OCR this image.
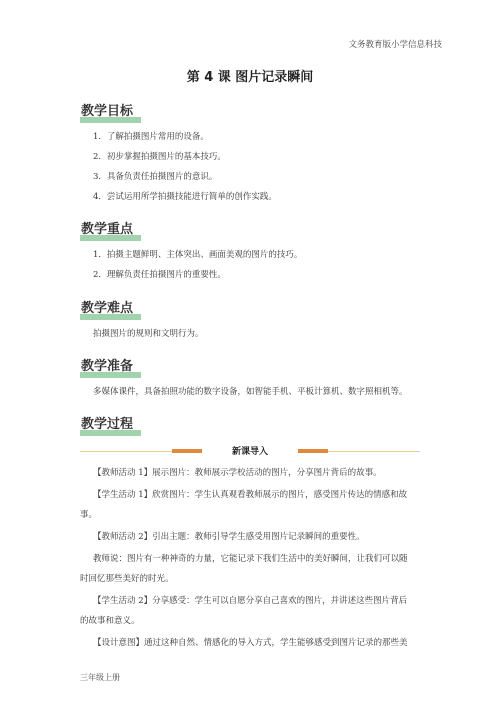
文务教育版小学信息科技
第 4 课 图片记录瞬间
教学目标
1．了解拍摄图片常用的设备。
2．初步掌握拍摄图片的基本技巧。
3．具备负责任拍摄图片的意识。
4．尝试运用所学拍摄技能进行简单的创作实践。
教学重点
1．拍摄主题鲜明、主体突出、画面美观的图片的技巧。
2．理解负责任拍摄图片的重要性。
教学难点
拍摄图片的规则和文明行为。
教学准备
多媒体课件，具备拍照功能的数字设备，如智能手机、平板计算机、数字照相机等。
教学过程
新课导入
【教师活动 1】展示图片：教师展示学校活动的图片，分享图片背后的故事。
【学生活动 1】欣赏图片：学生认真观看教师展示的图片，感受图片传达的情感和故
事。
【教师活动 2】引出主题：教师引导学生感受用图片记录瞬间的重要性。
教师说：图片有一种神奇的力量，它能记录下我们生活中的美好瞬间，让我们可以随
时回忆那些美好的时光。
【学生活动 2】分享感受：学生可以自愿分享自己喜欢的图片，并讲述这些图片背后
的故事和意义。
【设计意图】通过这种自然、情感化的导入方式，学生能够感受到图片记录的那些美
三年级上册
